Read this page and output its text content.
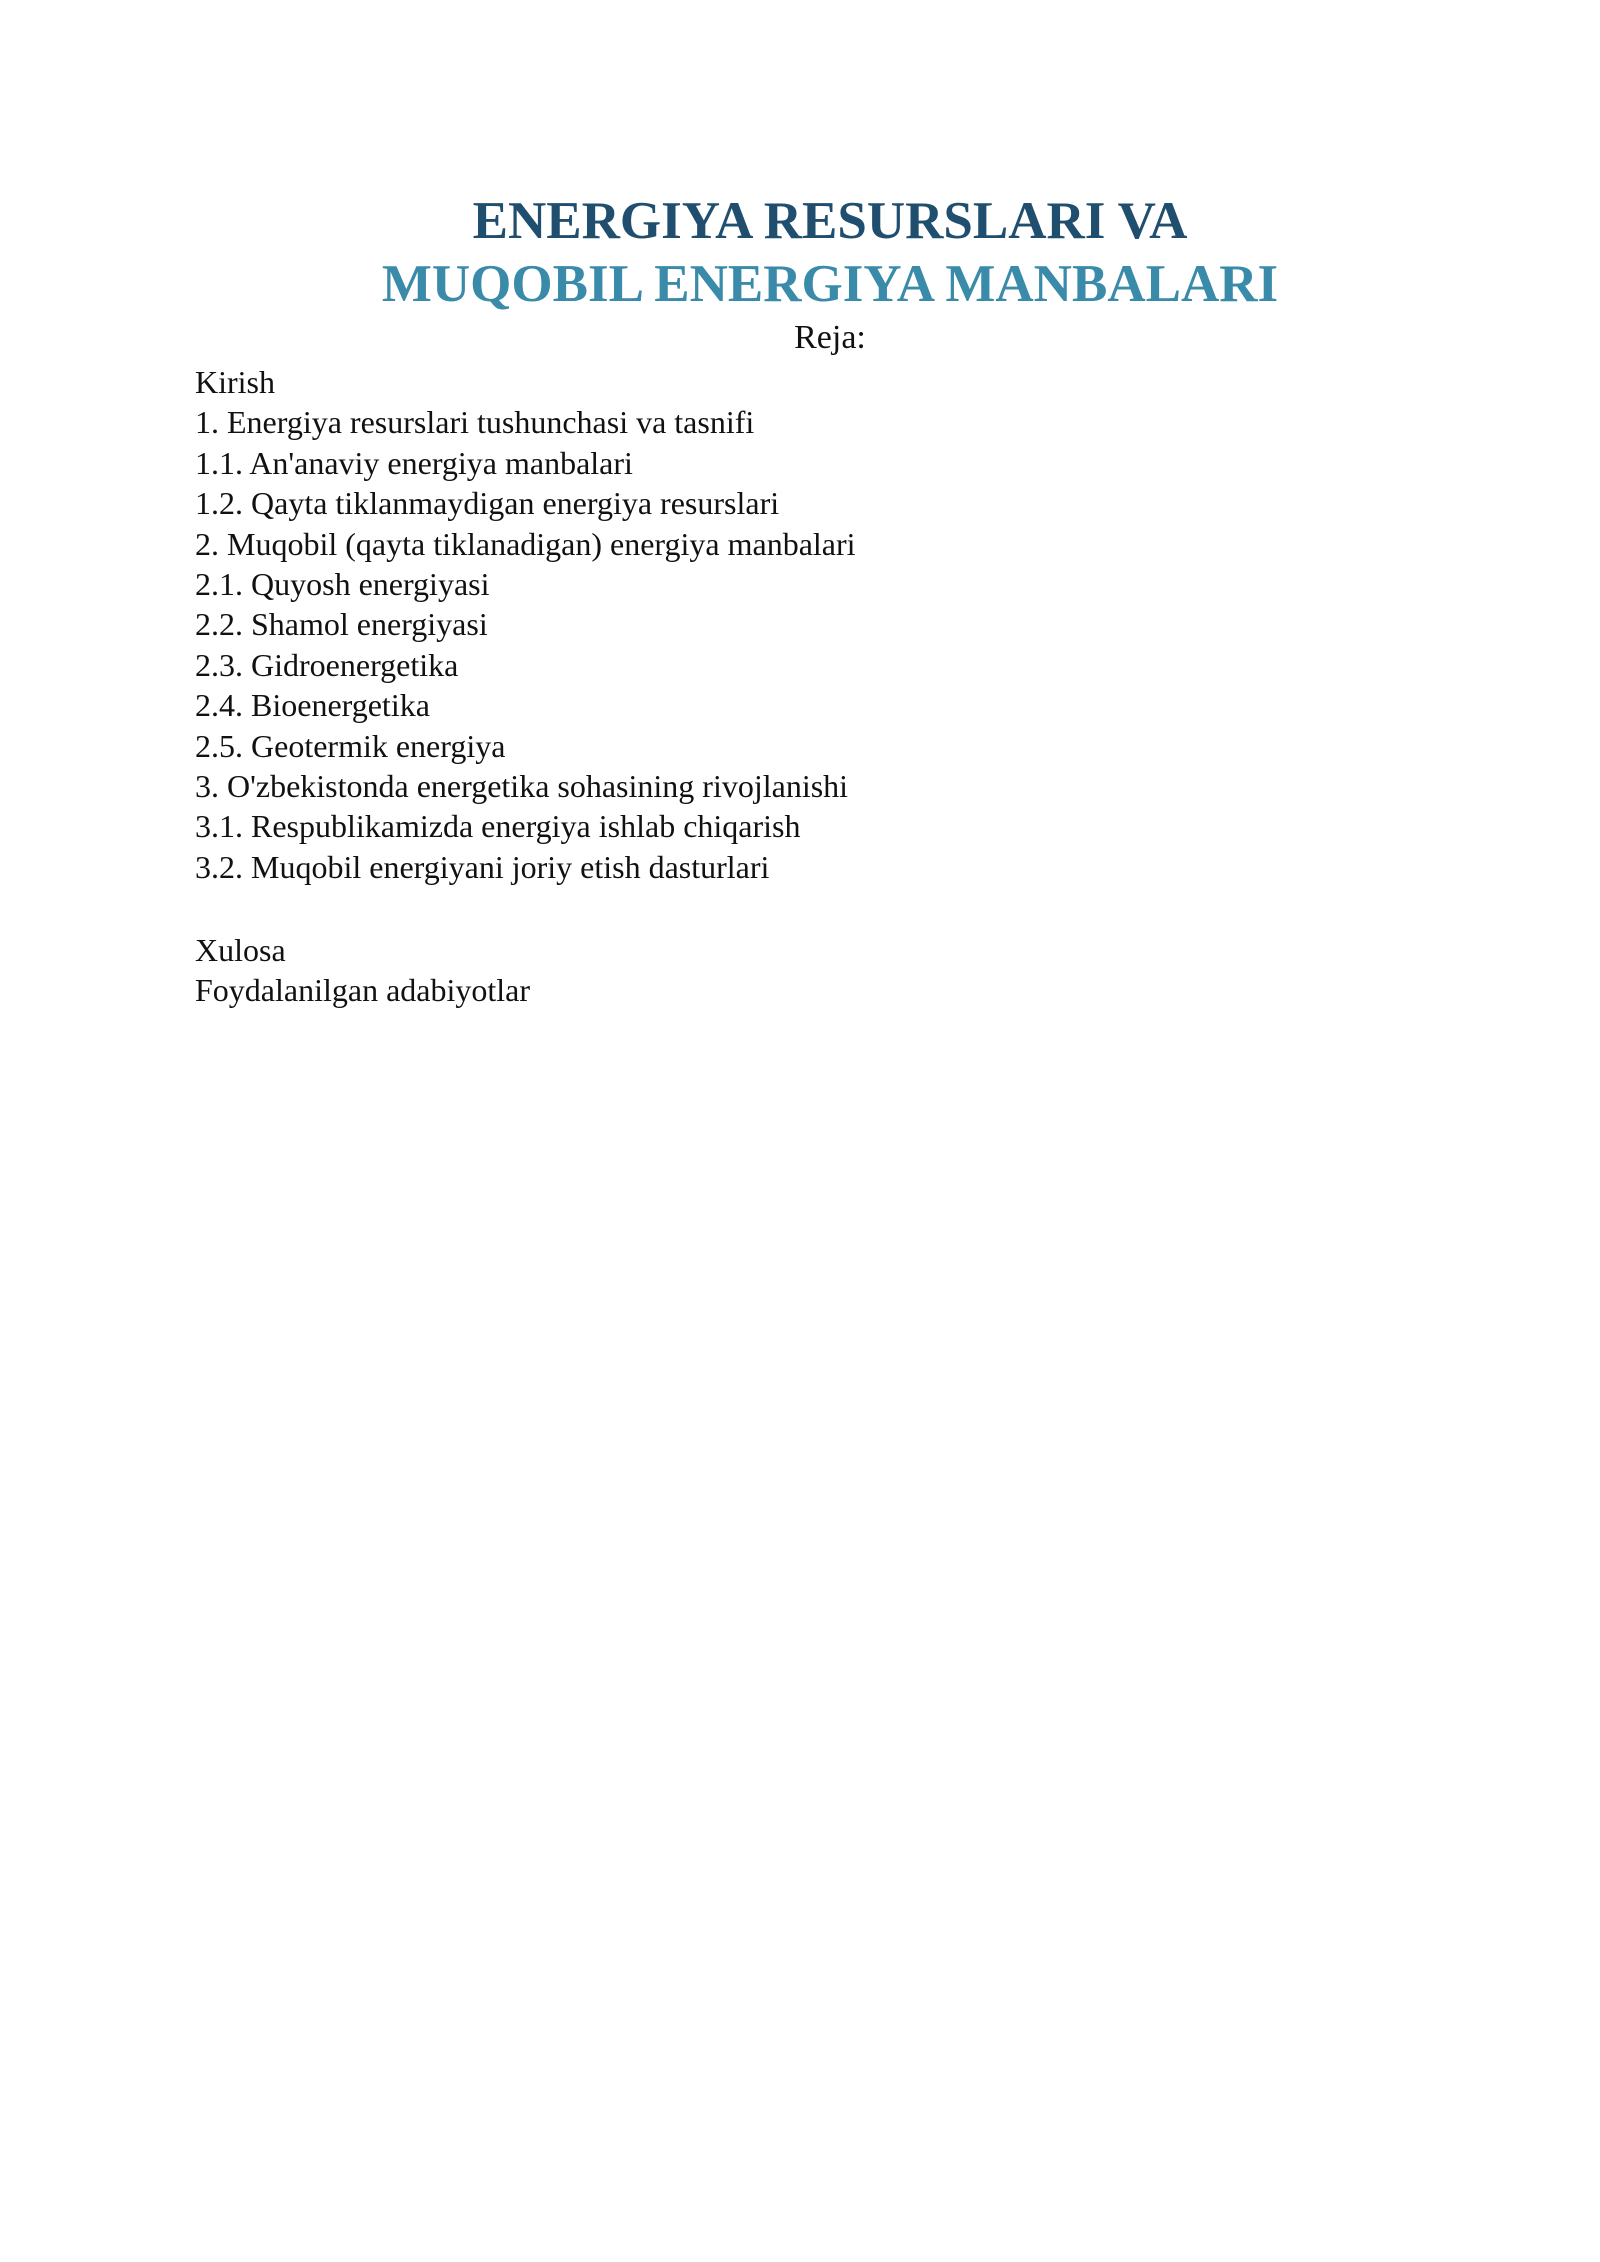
ENERGIYA RESURSLARI VA
MUQOBIL ENERGIYA MANBALARI
Reja:
Kirish
1. Energiya resurslari tushunchasi va tasnifi
1.1. An'anaviy energiya manbalari
1.2. Qayta tiklanmaydigan energiya resurslari
2. Muqobil (qayta tiklanadigan) energiya manbalari
2.1. Quyosh energiyasi
2.2. Shamol energiyasi
2.3. Gidroenergetika
2.4. Bioenergetika
2.5. Geotermik energiya
3. O'zbekistonda energetika sohasining rivojlanishi
3.1. Respublikamizda energiya ishlab chiqarish
3.2. Muqobil energiyani joriy etish dasturlari
Xulosa
Foydalanilgan adabiyotlar
